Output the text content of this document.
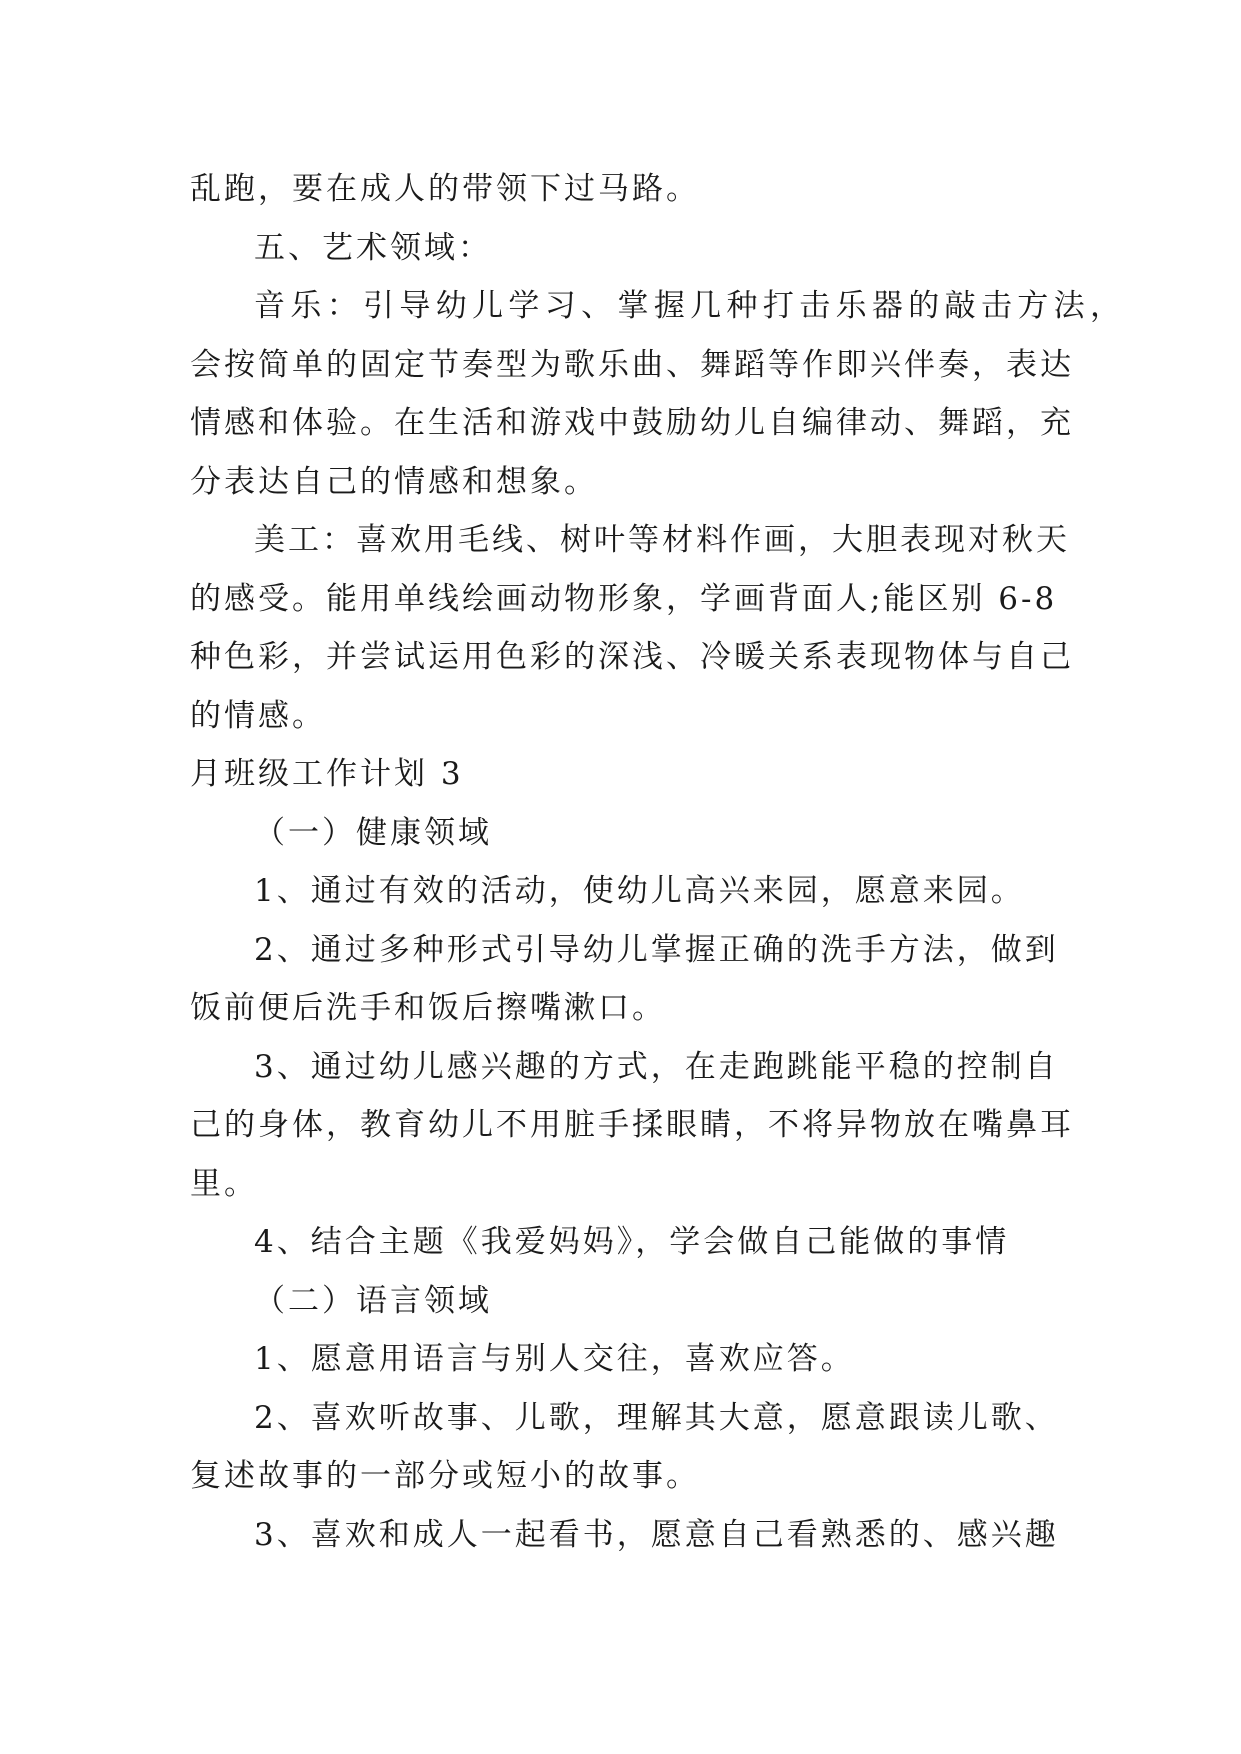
乱跑，要在成人的带领下过马路。
五、艺术领域：
音乐：引导幼儿学习、掌握几种打击乐器的敲击方法，
会按简单的固定节奏型为歌乐曲、舞蹈等作即兴伴奏，表达
情感和体验。在生活和游戏中鼓励幼儿自编律动、舞蹈，充
分表达自己的情感和想象。
美工：喜欢用毛线、树叶等材料作画，大胆表现对秋天
的感受。能用单线绘画动物形象，学画背面人;能区别 6-8
种色彩，并尝试运用色彩的深浅、冷暖关系表现物体与自己
的情感。
月班级工作计划 3
（一）健康领域
1、通过有效的活动，使幼儿高兴来园，愿意来园。
2、通过多种形式引导幼儿掌握正确的洗手方法，做到
饭前便后洗手和饭后擦嘴漱口。
3、通过幼儿感兴趣的方式，在走跑跳能平稳的控制自
己的身体，教育幼儿不用脏手揉眼睛，不将异物放在嘴鼻耳
里。
4、结合主题《我爱妈妈》，学会做自己能做的事情
（二）语言领域
1、愿意用语言与别人交往，喜欢应答。
2、喜欢听故事、儿歌，理解其大意，愿意跟读儿歌、
复述故事的一部分或短小的故事。
3、喜欢和成人一起看书，愿意自己看熟悉的、感兴趣
